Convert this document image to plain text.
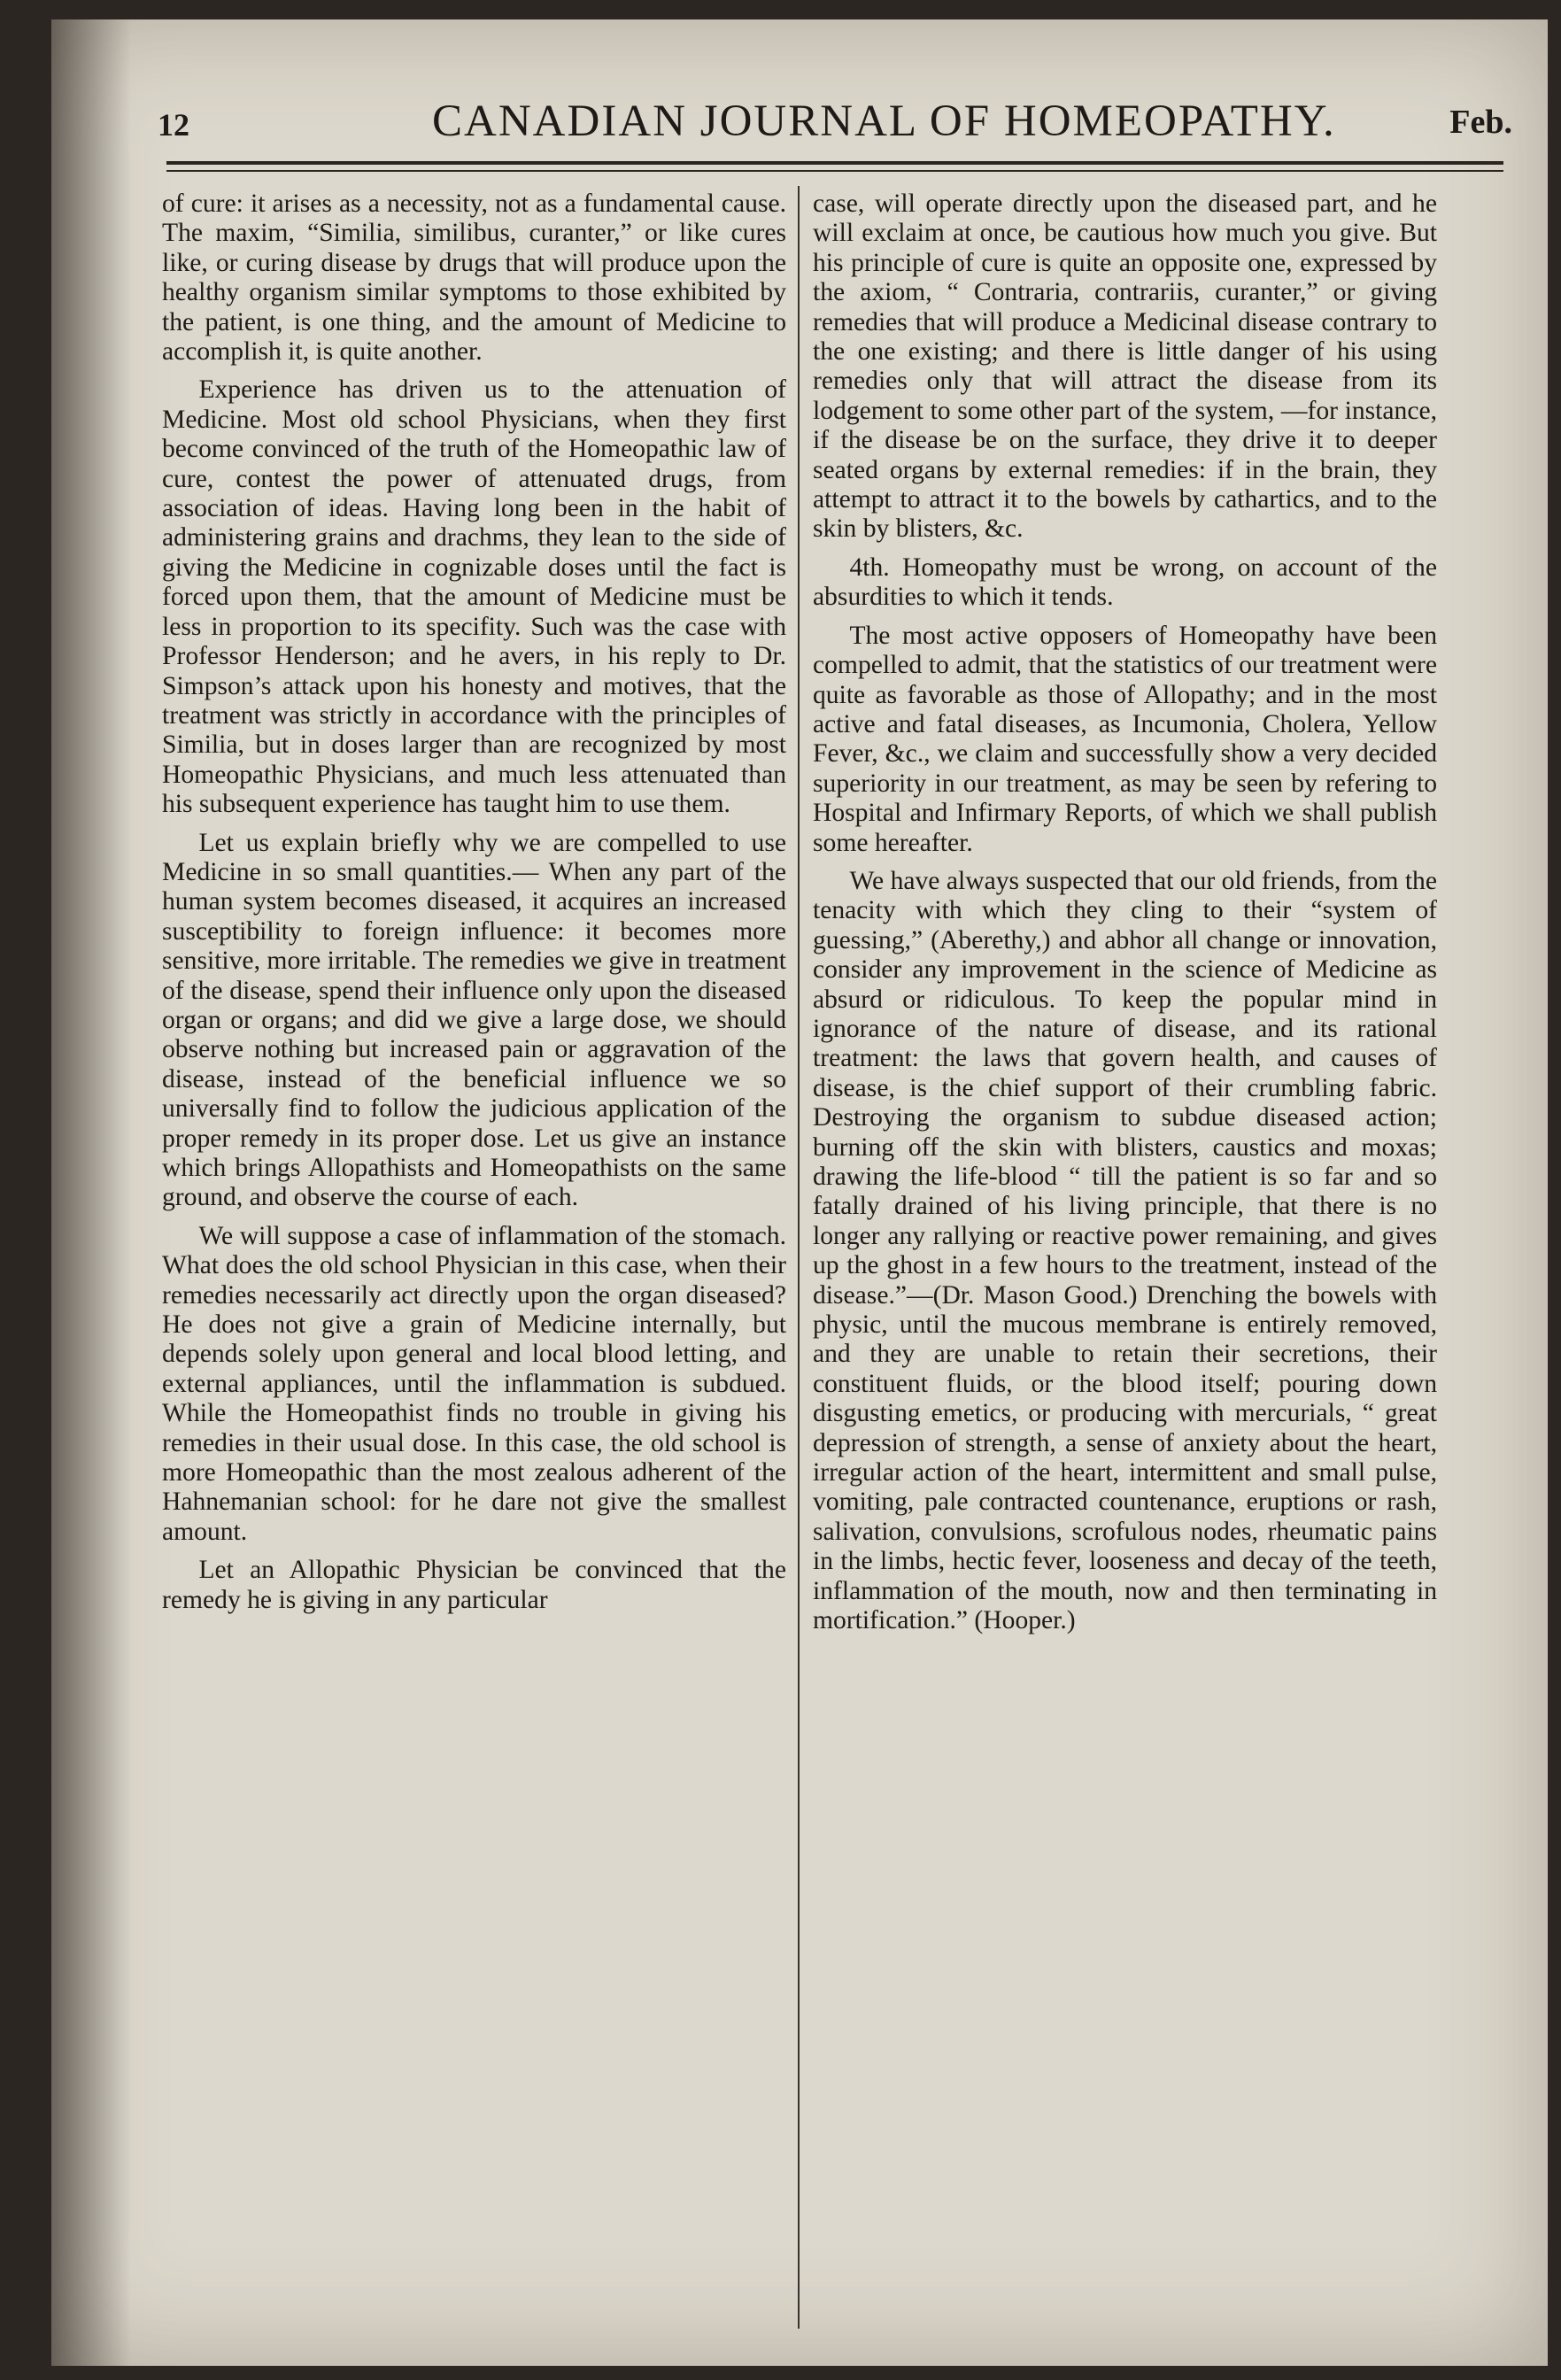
12	CANADIAN JOURNAL OF HOMEOPATHY.	Feb.

of cure: it arises as a necessity, not as a fundamental cause. The maxim, “Similia, similibus, curanter,” or like cures like, or curing disease by drugs that will produce upon the healthy organism similar symptoms to those exhibited by the patient, is one thing, and the amount of Medicine to accomplish it, is quite another.

Experience has driven us to the attenuation of Medicine. Most old school Physicians, when they first become convinced of the truth of the Homeopathic law of cure, contest the power of attenuated drugs, from association of ideas. Having long been in the habit of administering grains and drachms, they lean to the side of giving the Medicine in cognizable doses until the fact is forced upon them, that the amount of Medicine must be less in proportion to its specifity. Such was the case with Professor Henderson; and he avers, in his reply to Dr. Simpson’s attack upon his honesty and motives, that the treatment was strictly in accordance with the principles of Similia, but in doses larger than are recognized by most Homeopathic Physicians, and much less attenuated than his subsequent experience has taught him to use them.

Let us explain briefly why we are compelled to use Medicine in so small quantities.— When any part of the human system becomes diseased, it acquires an increased susceptibility to foreign influence: it becomes more sensitive, more irritable. The remedies we give in treatment of the disease, spend their influence only upon the diseased organ or organs; and did we give a large dose, we should observe nothing but increased pain or aggravation of the disease, instead of the beneficial influence we so universally find to follow the judicious application of the proper remedy in its proper dose. Let us give an instance which brings Allopathists and Homeopathists on the same ground, and observe the course of each.

We will suppose a case of inflammation of the stomach. What does the old school Physician in this case, when their remedies necessarily act directly upon the organ diseased? He does not give a grain of Medicine internally, but depends solely upon general and local blood letting, and external appliances, until the inflammation is subdued. While the Homeopathist finds no trouble in giving his remedies in their usual dose. In this case, the old school is more Homeopathic than the most zealous adherent of the Hahnemanian school: for he dare not give the smallest amount.

Let an Allopathic Physician be convinced that the remedy he is giving in any particular

case, will operate directly upon the diseased part, and he will exclaim at once, be cautious how much you give. But his principle of cure is quite an opposite one, expressed by the axiom, “ Contraria, contrariis, curanter,” or giving remedies that will produce a Medicinal disease contrary to the one existing; and there is little danger of his using remedies only that will attract the disease from its lodgement to some other part of the system, —for instance, if the disease be on the surface, they drive it to deeper seated organs by external remedies: if in the brain, they attempt to attract it to the bowels by cathartics, and to the skin by blisters, &c.

4th. Homeopathy must be wrong, on account of the absurdities to which it tends.

The most active opposers of Homeopathy have been compelled to admit, that the statistics of our treatment were quite as favorable as those of Allopathy; and in the most active and fatal diseases, as Incumonia, Cholera, Yellow Fever, &c., we claim and successfully show a very decided superiority in our treatment, as may be seen by refering to Hospital and Infirmary Reports, of which we shall publish some hereafter.

We have always suspected that our old friends, from the tenacity with which they cling to their “system of guessing,” (Aberethy,) and abhor all change or innovation, consider any improvement in the science of Medicine as absurd or ridiculous. To keep the popular mind in ignorance of the nature of disease, and its rational treatment: the laws that govern health, and causes of disease, is the chief support of their crumbling fabric. Destroying the organism to subdue diseased action; burning off the skin with blisters, caustics and moxas; drawing the life-blood “ till the patient is so far and so fatally drained of his living principle, that there is no longer any rallying or reactive power remaining, and gives up the ghost in a few hours to the treatment, instead of the disease.”—(Dr. Mason Good.) Drenching the bowels with physic, until the mucous membrane is entirely removed, and they are unable to retain their secretions, their constituent fluids, or the blood itself; pouring down disgusting emetics, or producing with mercurials, “ great depression of strength, a sense of anxiety about the heart, irregular action of the heart, intermittent and small pulse, vomiting, pale contracted countenance, eruptions or rash, salivation, convulsions, scrofulous nodes, rheumatic pains in the limbs, hectic fever, looseness and decay of the teeth, inflammation of the mouth, now and then terminating in mortification.” (Hooper.)
